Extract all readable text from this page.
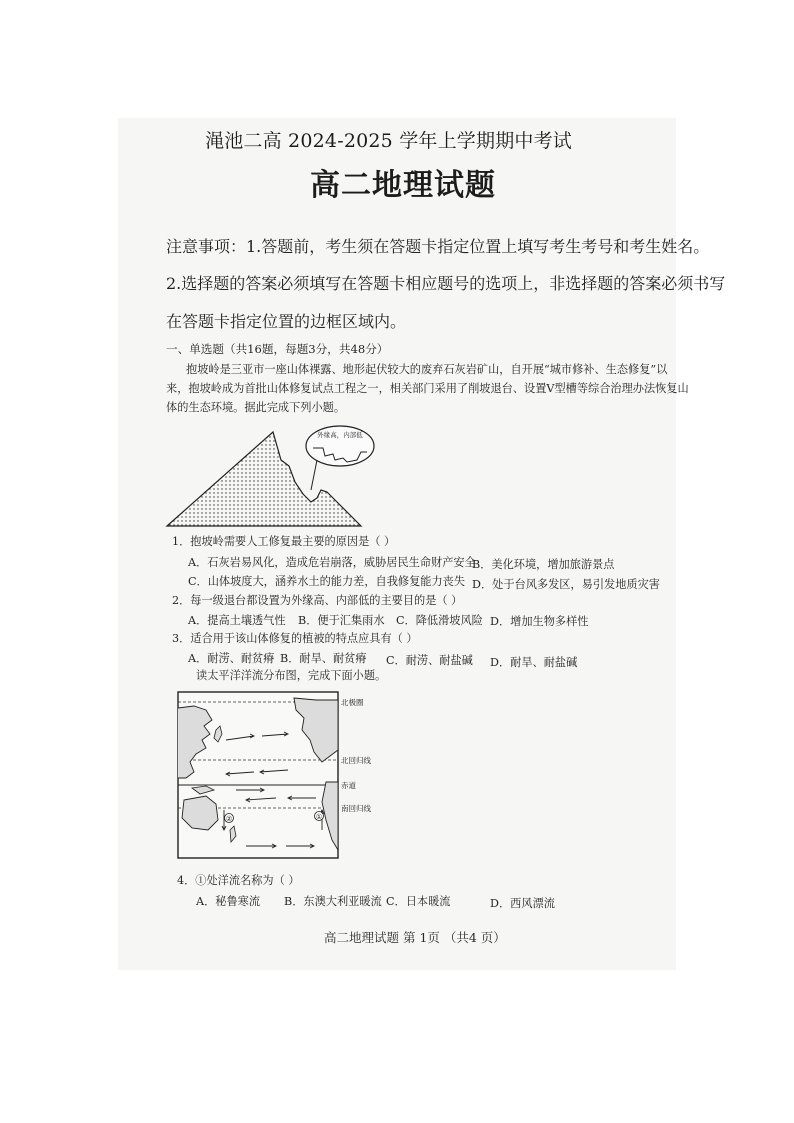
渑池二高 2024-2025 学年上学期期中考试
高二地理试题
注意事项：1.答题前，考生须在答题卡指定位置上填写考生考号和考生姓名。
2.选择题的答案必须填写在答题卡相应题号的选项上，非选择题的答案必须书写
在答题卡指定位置的边框区域内。
一、单选题（共16题，每题3分，共48分）
抱坡岭是三亚市一座山体裸露、地形起伏较大的废弃石灰岩矿山，自开展“城市修补、生态修复”以
来，抱坡岭成为首批山体修复试点工程之一，相关部门采用了削坡退台、设置V型槽等综合治理办法恢复山
体的生态环境。据此完成下列小题。
外缘高，内部低
1．抱坡岭需要人工修复最主要的原因是（ ）
A．石灰岩易风化，造成危岩崩落，威胁居民生命财产安全
B．美化环境，增加旅游景点
C．山体坡度大，涵养水土的能力差，自我修复能力丧失 D．处于台风多发区，易引发地质灾害
2．每一级退台都设置为外缘高、内部低的主要目的是（ ）
A．提高土壤透气性 B．便于汇集雨水 C．降低滑坡风险 D．增加生物多样性
3．适合用于该山体修复的植被的特点应具有（ ）
A．耐涝、耐贫瘠 B．耐旱、耐贫瘠 C．耐涝、耐盐碱 D．耐旱、耐盐碱
读太平洋洋流分布图，完成下面小题。
②	①
北极圈
北回归线
赤道
南回归线
4．①处洋流名称为（ ）
A．秘鲁寒流 B．东澳大利亚暖流 C．日本暖流	D．西风漂流
高二地理试题 第 1页 （共4 页）
